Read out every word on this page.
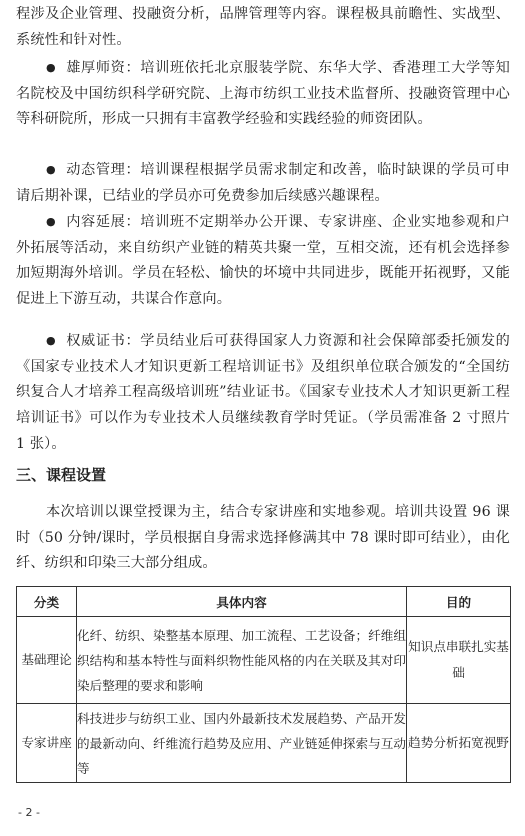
程涉及企业管理、投融资分析，品牌管理等内容。课程极具前瞻性、实战型、系统性和针对性。

● 雄厚师资：培训班依托北京服装学院、东华大学、香港理工大学等知名院校及中国纺织科学研究院、上海市纺织工业技术监督所、投融资管理中心等科研院所，形成一只拥有丰富教学经验和实践经验的师资团队。

● 动态管理：培训课程根据学员需求制定和改善，临时缺课的学员可申请后期补课，已结业的学员亦可免费参加后续感兴趣课程。

● 内容延展：培训班不定期举办公开课、专家讲座、企业实地参观和户外拓展等活动，来自纺织产业链的精英共聚一堂，互相交流，还有机会选择参加短期海外培训。学员在轻松、愉快的坏境中共同进步，既能开拓视野，又能促进上下游互动，共谋合作意向。

● 权威证书：学员结业后可获得国家人力资源和社会保障部委托颁发的《国家专业技术人才知识更新工程培训证书》及组织单位联合颁发的“全国纺织复合人才培养工程高级培训班”结业证书。《国家专业技术人才知识更新工程培训证书》可以作为专业技术人员继续教育学时凭证。（学员需准备 2 寸照片 1 张）。

三、课程设置

本次培训以课堂授课为主，结合专家讲座和实地参观。培训共设置 96 课时（50 分钟/课时，学员根据自身需求选择修满其中 78 课时即可结业），由化纤、纺织和印染三大部分组成。

分类	具体内容	目的
基础理论	化纤、纺织、染整基本原理、加工流程、工艺设备；纤维组织结构和基本特性与面料织物性能风格的内在关联及其对印染后整理的要求和影响	知识点串联扎实基础
专家讲座	科技进步与纺织工业、国内外最新技术发展趋势、产品开发的最新动向、纤维流行趋势及应用、产业链延伸探索与互动等	趋势分析拓宽视野
- 2 -
